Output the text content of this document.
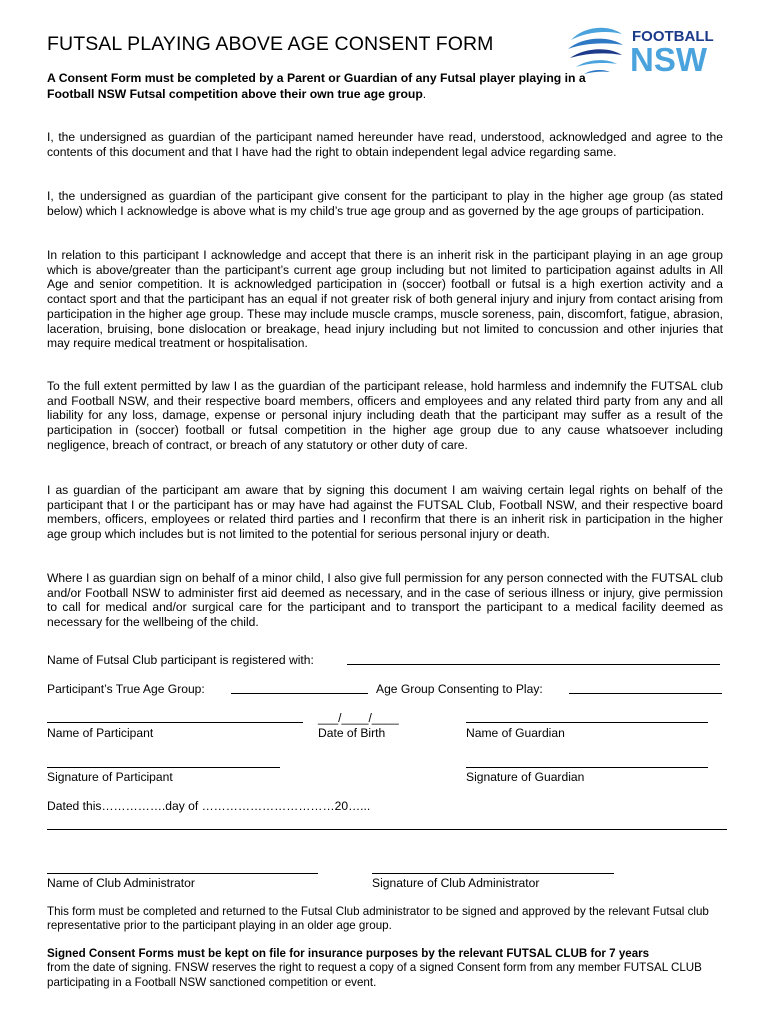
FUTSAL PLAYING ABOVE AGE CONSENT FORM	FOOTBALL
NSW
A Consent Form must be completed by a Parent or Guardian of any Futsal player playing in a Football NSW Futsal competition above their own true age group.
I, the undersigned as guardian of the participant named hereunder have read, understood, acknowledged and agree to the contents of this document and that I have had the right to obtain independent legal advice regarding same.
I, the undersigned as guardian of the participant give consent for the participant to play in the higher age group (as stated below) which I acknowledge is above what is my child’s true age group and as governed by the age groups of participation.
In relation to this participant I acknowledge and accept that there is an inherit risk in the participant playing in an age group which is above/greater than the participant’s current age group including but not limited to participation against adults in All Age and senior competition. It is acknowledged participation in (soccer) football or futsal is a high exertion activity and a contact sport and that the participant has an equal if not greater risk of both general injury and injury from contact arising from participation in the higher age group. These may include muscle cramps, muscle soreness, pain, discomfort, fatigue, abrasion, laceration, bruising, bone dislocation or breakage, head injury including but not limited to concussion and other injuries that may require medical treatment or hospitalisation.
To the full extent permitted by law I as the guardian of the participant release, hold harmless and indemnify the FUTSAL club and Football NSW, and their respective board members, officers and employees and any related third party from any and all liability for any loss, damage, expense or personal injury including death that the participant may suffer as a result of the participation in (soccer) football or futsal competition in the higher age group due to any cause whatsoever including negligence, breach of contract, or breach of any statutory or other duty of care.
I as guardian of the participant am aware that by signing this document I am waiving certain legal rights on behalf of the participant that I or the participant has or may have had against the FUTSAL Club, Football NSW, and their respective board members, officers, employees or related third parties and I reconfirm that there is an inherit risk in participation in the higher age group which includes but is not limited to the potential for serious personal injury or death.
Where I as guardian sign on behalf of a minor child, I also give full permission for any person connected with the FUTSAL club and/or Football NSW to administer first aid deemed as necessary, and in the case of serious illness or injury, give permission to call for medical and/or surgical care for the participant and to transport the participant to a medical facility deemed as necessary for the wellbeing of the child.
Name of Futsal Club participant is registered with:
Participant’s True Age Group:	Age Group Consenting to Play:
___/____/____
Name of Participant	Date of Birth	Name of Guardian
Signature of Participant	Signature of Guardian
Dated this…………….day of ……………………………20…...
Name of Club Administrator	Signature of Club Administrator
This form must be completed and returned to the Futsal Club administrator to be signed and approved by the relevant Futsal club representative prior to the participant playing in an older age group.
Signed Consent Forms must be kept on file for insurance purposes by the relevant FUTSAL CLUB for 7 years
from the date of signing. FNSW reserves the right to request a copy of a signed Consent form from any member FUTSAL CLUB participating in a Football NSW sanctioned competition or event.
